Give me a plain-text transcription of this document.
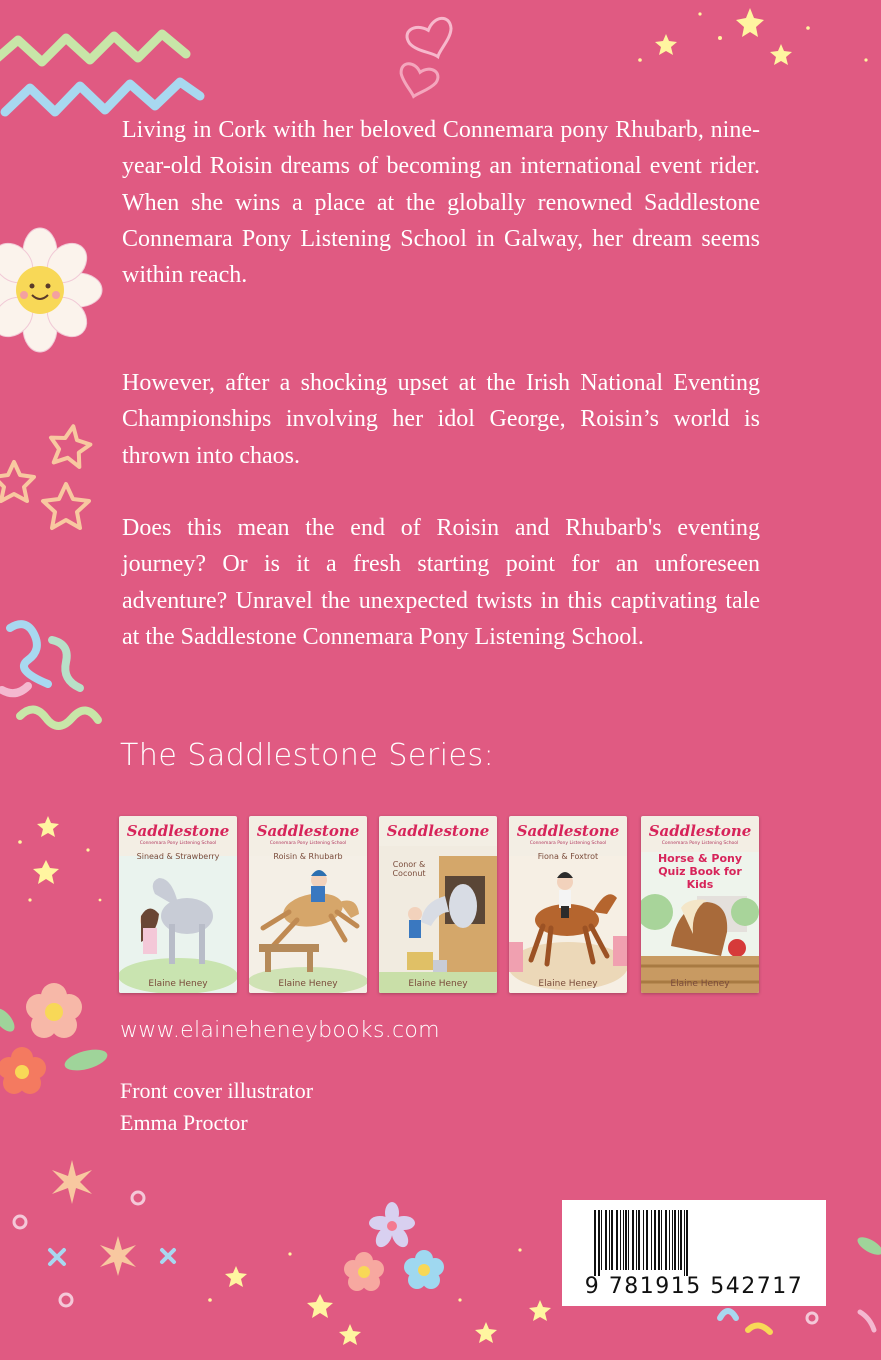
Living in Cork with her beloved Connemara pony Rhubarb, nine-year-old Roisin dreams of becoming an international event rider. When she wins a place at the globally renowned Saddlestone Connemara Pony Listening School in Galway, her dream seems within reach.

However, after a shocking upset at the Irish National Eventing Championships involving her idol George, Roisin’s world is thrown into chaos.

Does this mean the end of Roisin and Rhubarb's eventing journey? Or is it a fresh starting point for an unforeseen adventure? Unravel the unexpected twists in this captivating tale at the Saddlestone Connemara Pony Listening School.

The Saddlestone Series:

Saddlestone
Connemara Pony Listening School
Sinead & Strawberry
Elaine Heney
Saddlestone
Connemara Pony Listening School
Roisin & Rhubarb
Elaine Heney
Saddlestone
Conor & Coconut
Elaine Heney
Saddlestone
Connemara Pony Listening School
Fiona & Foxtrot
Elaine Heney
Saddlestone
Connemara Pony Listening School
Horse & Pony Quiz Book for Kids
Elaine Heney

www.elaineheneybooks.com

Front cover illustrator

Emma Proctor

9 781915 542717
